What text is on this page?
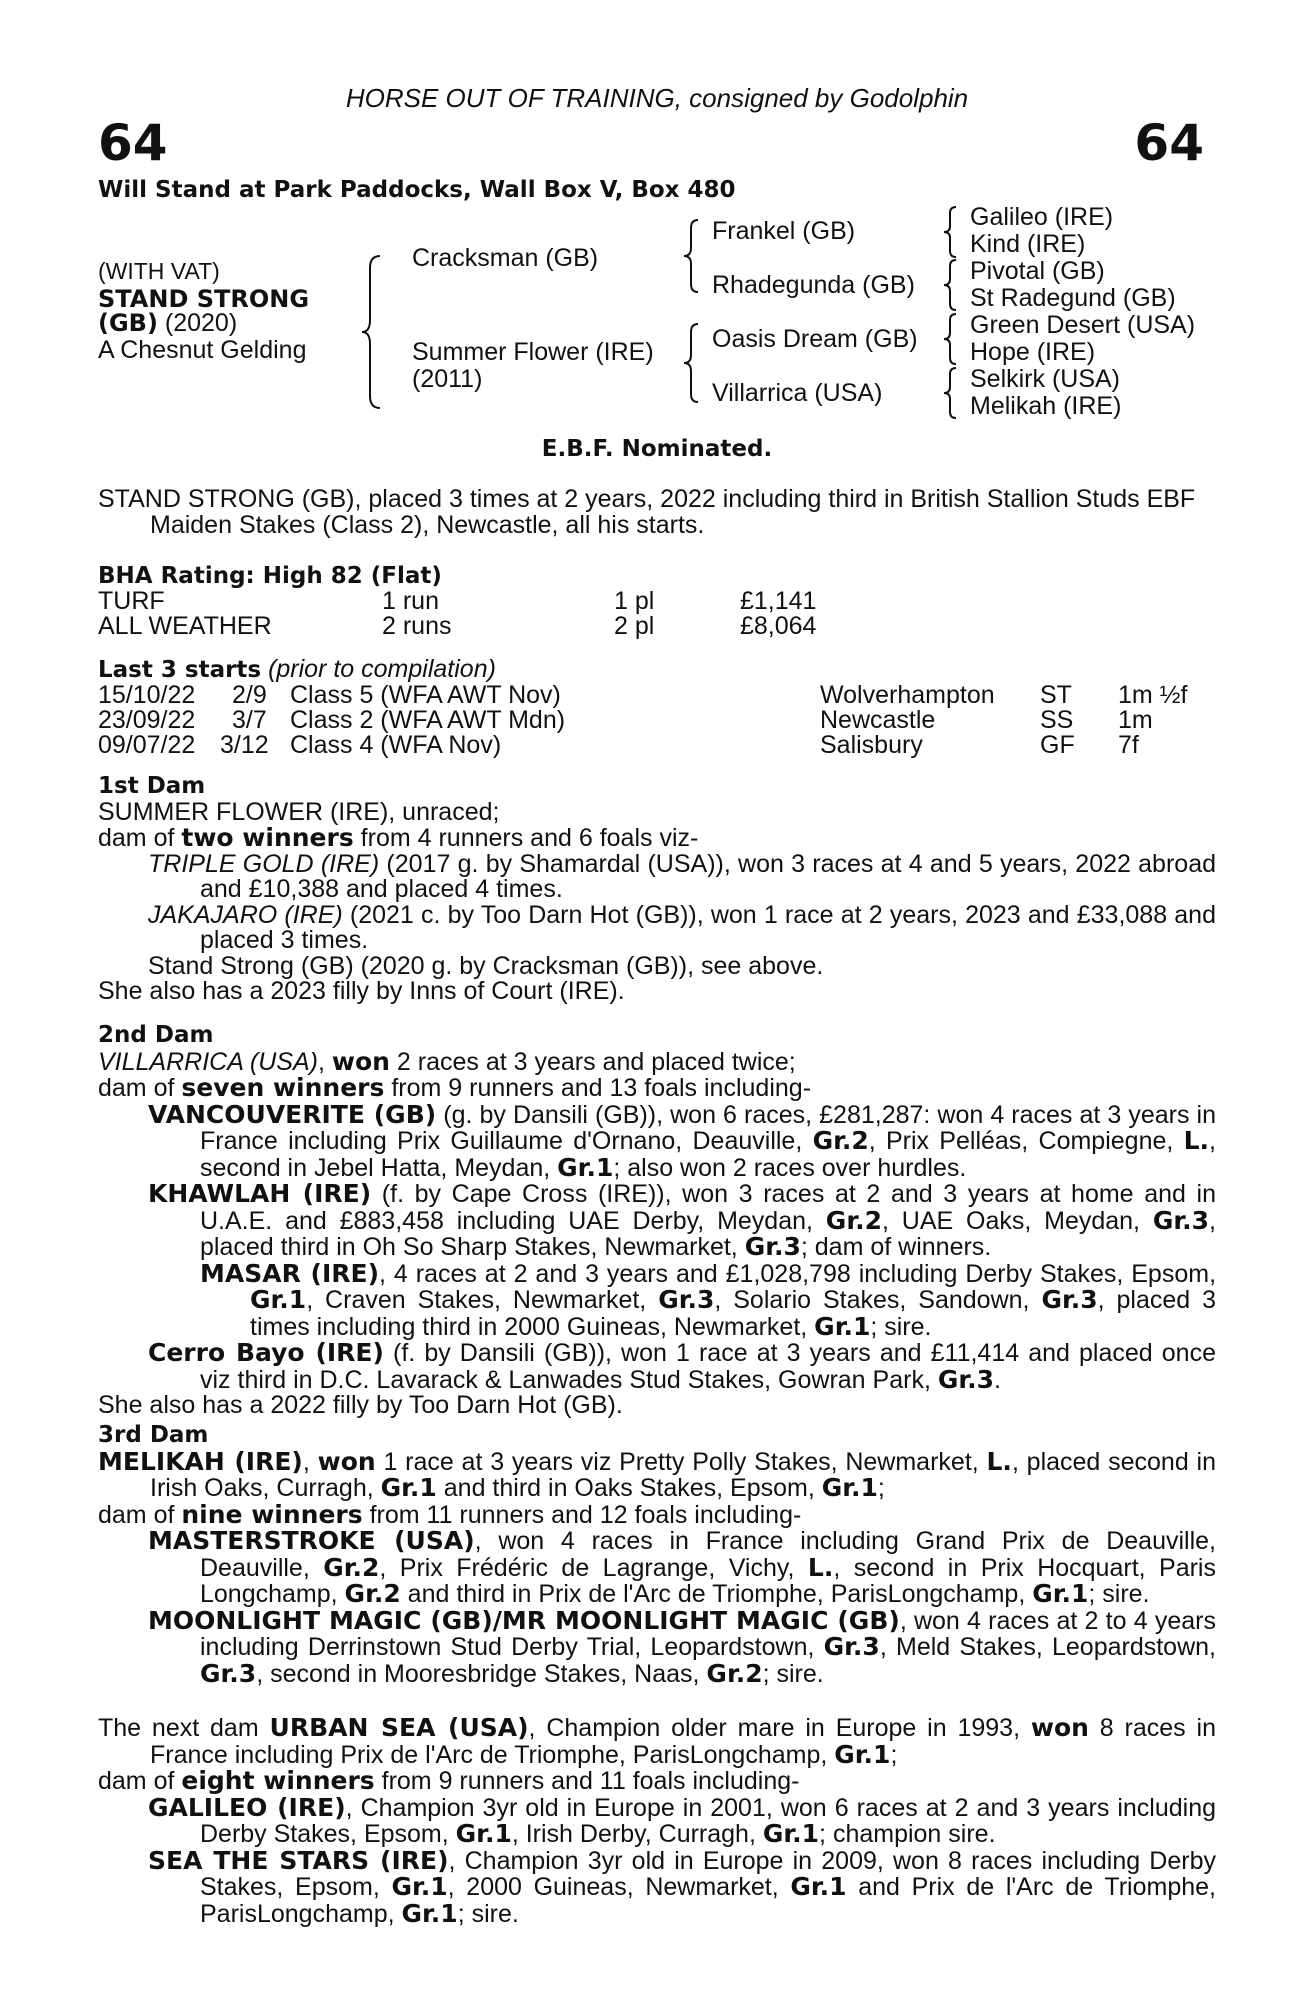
HORSE OUT OF TRAINING, consigned by Godolphin
64	64
Will Stand at Park Paddocks, Wall Box V, Box 480
(WITH VAT)
STAND STRONG
(GB) (2020)
A Chesnut Gelding
Cracksman (GB)
Summer Flower (IRE)
(2011)
Frankel (GB)
Rhadegunda (GB)
Oasis Dream (GB)
Villarrica (USA)
Galileo (IRE)
Kind (IRE)
Pivotal (GB)
St Radegund (GB)
Green Desert (USA)
Hope (IRE)
Selkirk (USA)
Melikah (IRE)
E.B.F. Nominated.
STAND STRONG (GB), placed 3 times at 2 years, 2022 including third in British Stallion Studs EBF Maiden Stakes (Class 2), Newcastle, all his starts.
BHA Rating: High 82 (Flat)
TURF	1 run	1 pl	£1,141
ALL WEATHER	2 runs	2 pl	£8,064
Last 3 starts (prior to compilation)
15/10/22 2/9 Class 5 (WFA AWT Nov)	Wolverhampton ST 1m ½f
23/09/22 3/7 Class 2 (WFA AWT Mdn)	Newcastle	SS 1m
09/07/22 3/12 Class 4 (WFA Nov)	Salisbury	GF 7f

1st Dam

SUMMER FLOWER (IRE), unraced;

dam of two winners from 4 runners and 6 foals viz-

TRIPLE GOLD (IRE) (2017 g. by Shamardal (USA)), won 3 races at 4 and 5 years, 2022 abroad and £10,388 and placed 4 times.

JAKAJARO (IRE) (2021 c. by Too Darn Hot (GB)), won 1 race at 2 years, 2023 and £33,088 and placed 3 times.

Stand Strong (GB) (2020 g. by Cracksman (GB)), see above.

She also has a 2023 filly by Inns of Court (IRE).

2nd Dam

VILLARRICA (USA), won 2 races at 3 years and placed twice;

dam of seven winners from 9 runners and 13 foals including-

VANCOUVERITE (GB) (g. by Dansili (GB)), won 6 races, £281,287: won 4 races at 3 years in France including Prix Guillaume d'Ornano, Deauville, Gr.2, Prix Pelléas, Compiegne, L., second in Jebel Hatta, Meydan, Gr.1; also won 2 races over hurdles.

KHAWLAH (IRE) (f. by Cape Cross (IRE)), won 3 races at 2 and 3 years at home and in U.A.E. and £883,458 including UAE Derby, Meydan, Gr.2, UAE Oaks, Meydan, Gr.3, placed third in Oh So Sharp Stakes, Newmarket, Gr.3; dam of winners.

MASAR (IRE), 4 races at 2 and 3 years and £1,028,798 including Derby Stakes, Epsom, Gr.1, Craven Stakes, Newmarket, Gr.3, Solario Stakes, Sandown, Gr.3, placed 3 times including third in 2000 Guineas, Newmarket, Gr.1; sire.

Cerro Bayo (IRE) (f. by Dansili (GB)), won 1 race at 3 years and £11,414 and placed once viz third in D.C. Lavarack & Lanwades Stud Stakes, Gowran Park, Gr.3.

She also has a 2022 filly by Too Darn Hot (GB).

3rd Dam

MELIKAH (IRE), won 1 race at 3 years viz Pretty Polly Stakes, Newmarket, L., placed second in Irish Oaks, Curragh, Gr.1 and third in Oaks Stakes, Epsom, Gr.1;

dam of nine winners from 11 runners and 12 foals including-

MASTERSTROKE (USA), won 4 races in France including Grand Prix de Deauville, Deauville, Gr.2, Prix Frédéric de Lagrange, Vichy, L., second in Prix Hocquart, Paris Longchamp, Gr.2 and third in Prix de l'Arc de Triomphe, ParisLongchamp, Gr.1; sire.

MOONLIGHT MAGIC (GB)/MR MOONLIGHT MAGIC (GB), won 4 races at 2 to 4 years including Derrinstown Stud Derby Trial, Leopardstown, Gr.3, Meld Stakes, Leopardstown, Gr.3, second in Mooresbridge Stakes, Naas, Gr.2; sire.

The next dam URBAN SEA (USA), Champion older mare in Europe in 1993, won 8 races in France including Prix de l'Arc de Triomphe, ParisLongchamp, Gr.1;

dam of eight winners from 9 runners and 11 foals including-

GALILEO (IRE), Champion 3yr old in Europe in 2001, won 6 races at 2 and 3 years including Derby Stakes, Epsom, Gr.1, Irish Derby, Curragh, Gr.1; champion sire.

SEA THE STARS (IRE), Champion 3yr old in Europe in 2009, won 8 races including Derby Stakes, Epsom, Gr.1, 2000 Guineas, Newmarket, Gr.1 and Prix de l'Arc de Triomphe, ParisLongchamp, Gr.1; sire.
